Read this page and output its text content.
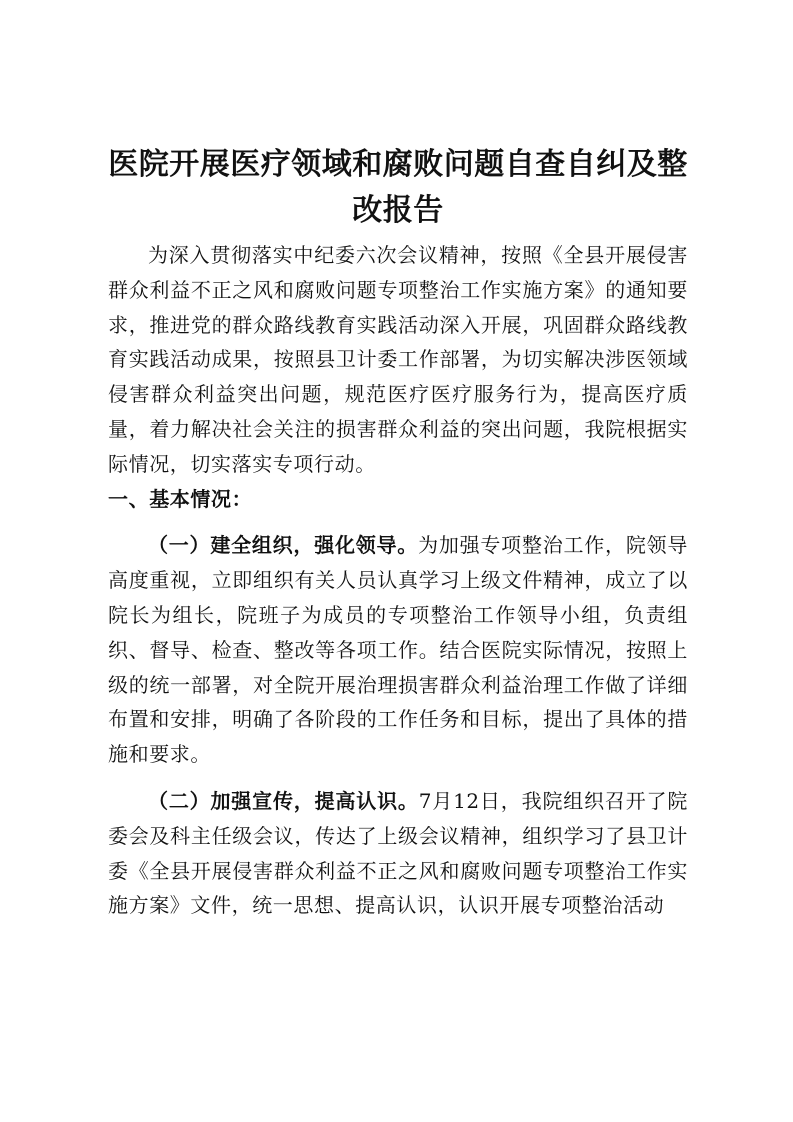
医院开展医疗领域和腐败问题自查自纠及整改报告

为深入贯彻落实中纪委六次会议精神，按照《全县开展侵害群众利益不正之风和腐败问题专项整治工作实施方案》的通知要求，推进党的群众路线教育实践活动深入开展，巩固群众路线教育实践活动成果，按照县卫计委工作部署，为切实解决涉医领域侵害群众利益突出问题，规范医疗医疗服务行为，提高医疗质量，着力解决社会关注的损害群众利益的突出问题，我院根据实际情况，切实落实专项行动。

一、基本情况：

（一）建全组织，强化领导。为加强专项整治工作，院领导高度重视，立即组织有关人员认真学习上级文件精神，成立了以院长为组长，院班子为成员的专项整治工作领导小组，负责组织、督导、检查、整改等各项工作。结合医院实际情况，按照上级的统一部署，对全院开展治理损害群众利益治理工作做了详细布置和安排，明确了各阶段的工作任务和目标，提出了具体的措施和要求。

（二）加强宣传，提高认识。7月12日，我院组织召开了院委会及科主任级会议，传达了上级会议精神，组织学习了县卫计委《全县开展侵害群众利益不正之风和腐败问题专项整治工作实施方案》文件，统一思想、提高认识，认识开展专项整治活动
